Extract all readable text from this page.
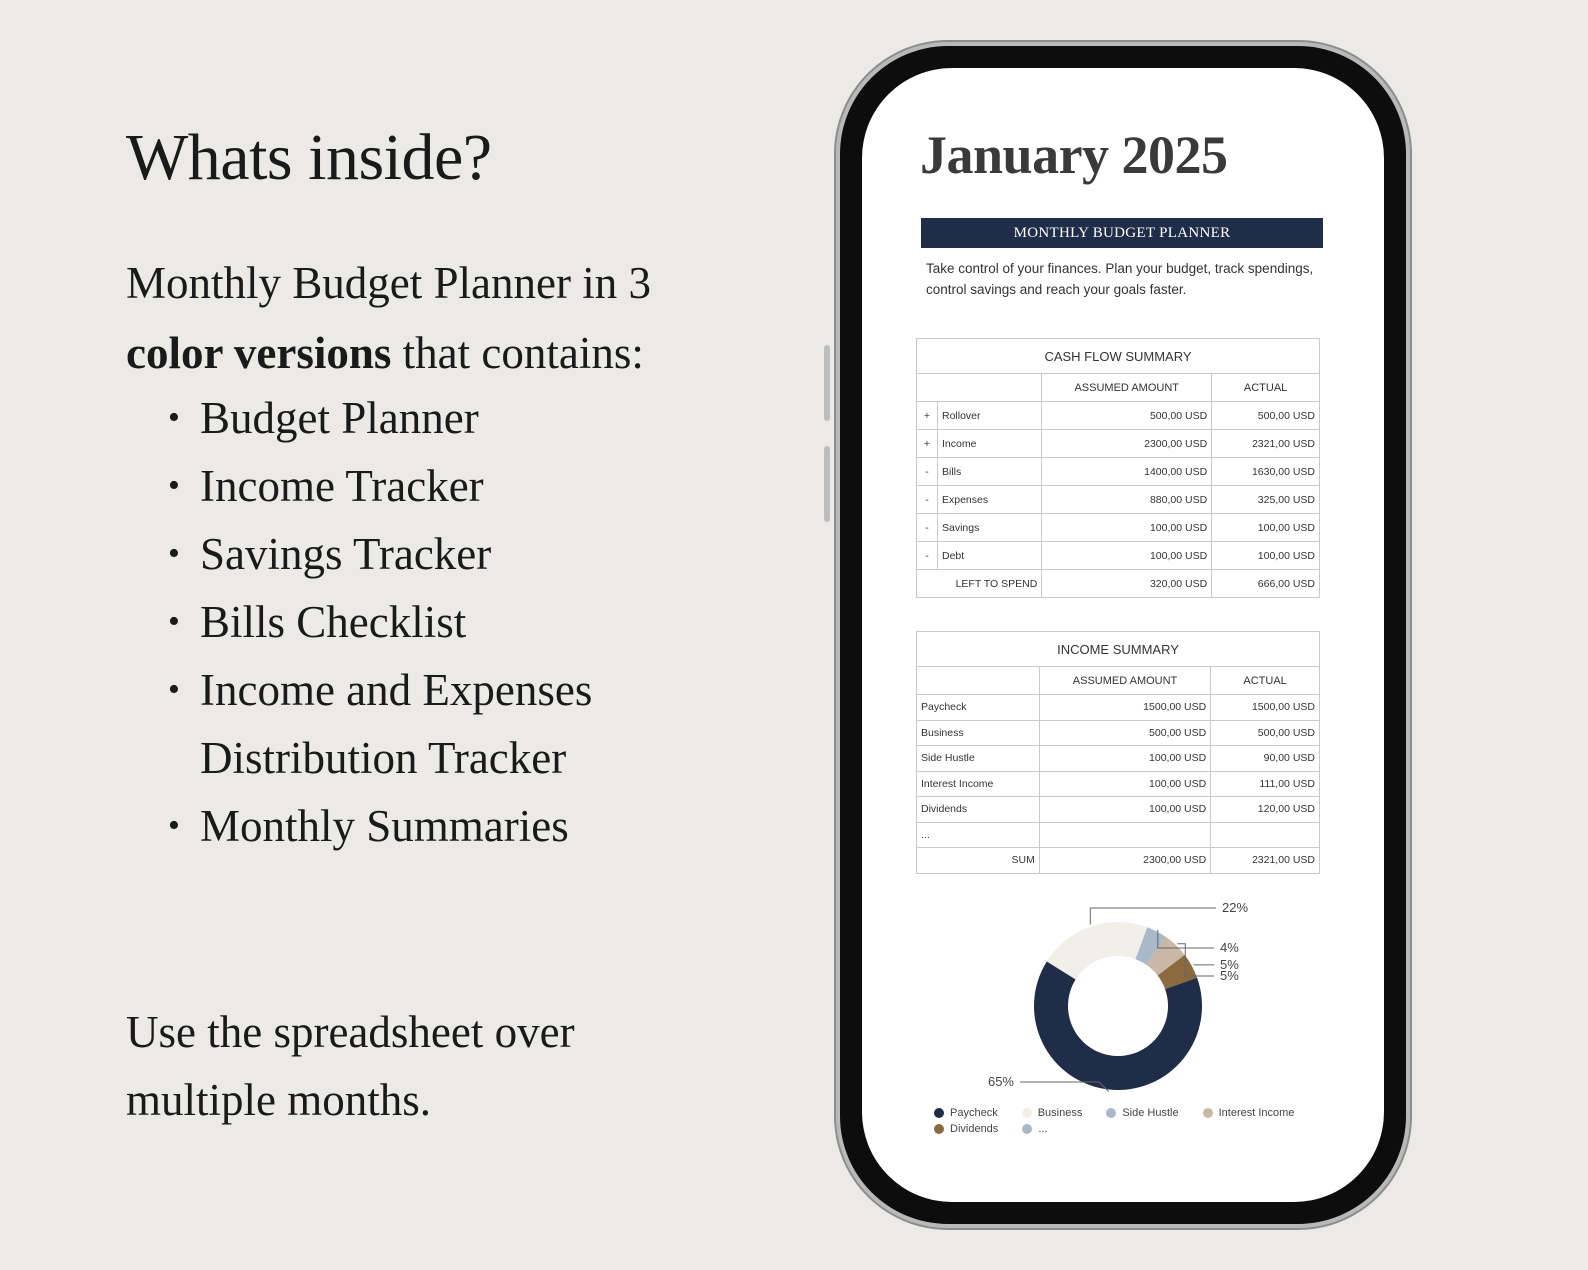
Whats inside?
Monthly Budget Planner in 3
color versions that contains:
• Budget Planner
• Income Tracker
• Savings Tracker
• Bills Checklist
• Income and Expenses Distribution Tracker
• Monthly Summaries
Use the spreadsheet over multiple months.
January 2025
MONTHLY BUDGET PLANNER
Take control of your finances. Plan your budget, track spendings, control savings and reach your goals faster.
CASH FLOW SUMMARY			
		ASSUMED AMOUNT	ACTUAL
+	Rollover	500,00 USD	500,00 USD
+	Income	2300,00 USD	2321,00 USD
-	Bills	1400,00 USD	1630,00 USD
-	Expenses	880,00 USD	325,00 USD
-	Savings	100,00 USD	100,00 USD
-	Debt	100,00 USD	100,00 USD
LEFT TO SPEND		320,00 USD	666,00 USD
INCOME SUMMARY		
	ASSUMED AMOUNT	ACTUAL
Paycheck	1500,00 USD	1500,00 USD
Business	500,00 USD	500,00 USD
Side Hustle	100,00 USD	90,00 USD
Interest Income	100,00 USD	111,00 USD
Dividends	100,00 USD	120,00 USD
...		
SUM	2300,00 USD	2321,00 USD
65%
22%
4%
5%
5%
Paycheck	Business	Side Hustle	Interest Income
Dividends	...
